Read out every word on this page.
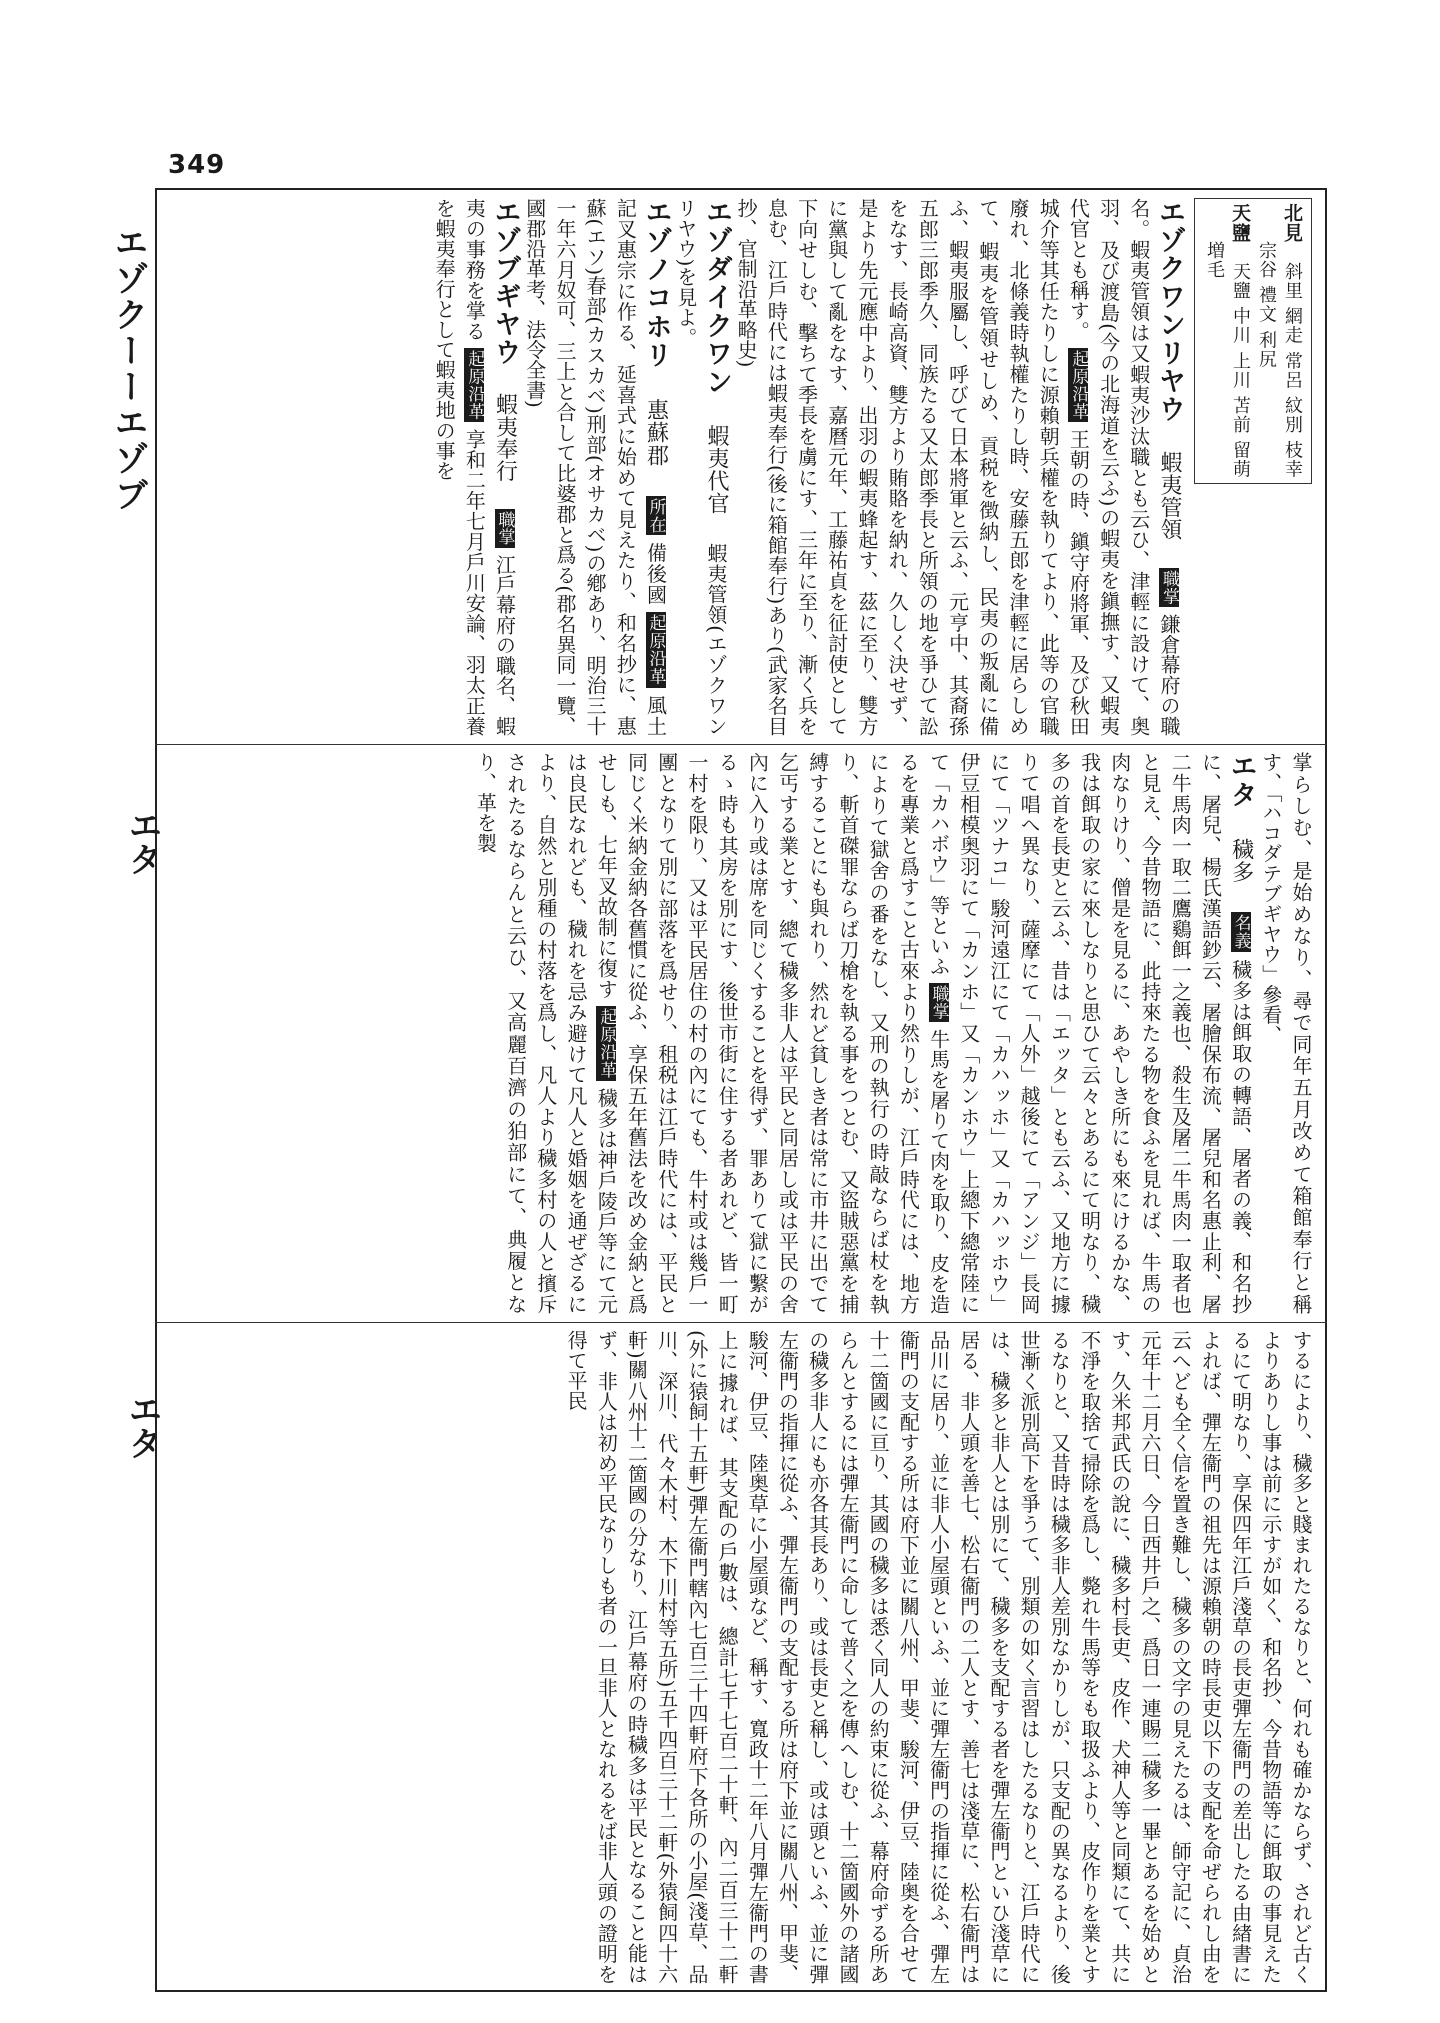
349
エゾクーーエゾブ
エタ
エタ
北見　斜里 網走 常呂 紋別 枝幸
　　宗谷 禮文 利尻
天鹽　天鹽 中川 上川 苫前 留萌
　　増毛

エゾクワンリヤウ  蝦夷管領  職掌 鎌倉幕府の職名。蝦夷管領は又蝦夷沙汰職とも云ひ、津輕に設けて、奥羽、及び渡島(今の北海道を云ふ)の蝦夷を鎭撫す、又蝦夷代官とも稱す。 起原沿革 王朝の時、鎭守府將軍、及び秋田城介等其任たりしに源賴朝兵權を執りてより、此等の官職廢れ、北條義時執權たりし時、安藤五郎を津輕に居らしめて、蝦夷を管領せしめ、貢税を徴納し、民夷の叛亂に備ふ、蝦夷服屬し、呼びて日本將軍と云ふ、元亨中、其裔孫五郎三郎季久、同族たる又太郎季長と所領の地を爭ひて訟をなす、長崎高資、雙方より賄賂を納れ、久しく決せず、是より先元應中より、出羽の蝦夷蜂起す、茲に至り、雙方に黨與して亂をなす、嘉曆元年、工藤祐貞を征討使として下向せしむ、擊ちて季長を虜にす、三年に至り、漸く兵を息む、江戶時代には蝦夷奉行(後に箱館奉行)あり(武家名目抄、官制沿革略史)

エゾダイクワン  蝦夷代官  蝦夷管領(エゾクワンリヤウ)を見よ。

エゾノコホリ  惠蘇郡  所在 備後國 起原沿革 風土記叉惠宗に作る、延喜式に始めて見えたり、和名抄に、惠蘇(エソ)春部(カスカベ)刑部(オサカベ)の鄕あり、明治三十一年六月奴可、三上と合して比婆郡と爲る(郡名異同一覽、國郡沿革考、法令全書)

エゾブギヤウ  蝦夷奉行  職掌 江戶幕府の職名、蝦夷の事務を掌る 起原沿革 享和二年七月戶川安論、羽太正養を蝦夷奉行として蝦夷地の事を

掌らしむ、是始めなり、尋で同年五月改めて箱館奉行と稱す、「ハコダテブギヤウ」參看、

エタ  穢多  名義 穢多は餌取の轉語、屠者の義、和名抄に、屠兒、楊氏漢語鈔云、屠膾保布流、屠兒和名惠止利、屠二牛馬肉一取二鷹鷄餌一之義也、殺生及屠二牛馬肉一取者也と見え、今昔物語に、此持來たる物を食ふを見れば、牛馬の肉なりけり、僧是を見るに、あやしき所にも來にけるかな、我は餌取の家に來しなりと思ひて云々とあるにて明なり、穢多の首を長吏と云ふ、昔は「エッタ」とも云ふ、又地方に據りて唱へ異なり、薩摩にて「人外」越後にて「アンジ」長岡にて「ツナコ」駿河遠江にて「カハッホ」又「カハッホウ」伊豆相模奥羽にて「カンホ」又「カンホウ」上總下總常陸にて「カハボウ」等といふ 職掌 牛馬を屠りて肉を取り、皮を造るを專業と爲すこと古來より然りしが、江戶時代には、地方によりて獄舍の番をなし、又刑の執行の時敲ならば杖を執り、斬首磔罪ならば刀槍を執る事をつとむ、又盜賊惡黨を捕縛することにも與れり、然れど貧しき者は常に市井に出でて乞丐する業とす、總て穢多非人は平民と同居し或は平民の舍內に入り或は席を同じくすることを得ず、罪ありて獄に繫がるゝ時も其房を別にす、後世市街に住する者あれど、皆一町一村を限り、又は平民居住の村の內にても、牛村或は幾戶一團となりて別に部落を爲せり、租税は江戶時代には、平民と同じく米納金納各舊慣に從ふ、享保五年舊法を改め金納と爲せしも、七年叉故制に復す 起原沿革 穢多は神戶陵戶等にて元は良民なれども、穢れを忌み避けて凡人と婚姻を通ぜざるにより、自然と別種の村落を爲し、凡人より穢多村の人と擯斥されたるならんと云ひ、又高麗百濟の狛部にて、典履となり、革を製

するにより、穢多と賤まれたるなりと、何れも確かならず、されど古くよりありし事は前に示すが如く、和名抄、今昔物語等に餌取の事見えたるにて明なり、享保四年江戶淺草の長吏彈左衞門の差出したる由緖書によれば、彈左衞門の祖先は源賴朝の時長吏以下の支配を命ぜられし由を云へども全く信を置き難し、穢多の文字の見えたるは、師守記に、貞治元年十二月六日、今日西井戶之、爲日一連賜二穢多一畢とあるを始めとす、久米邦武氏の說に、穢多村長吏、皮作、犬神人等と同類にて、共に不淨を取捨て掃除を爲し、斃れ牛馬等をも取扱ふより、皮作りを業とするなりと、又昔時は穢多非人差別なかりしが、只支配の異なるより、後世漸く派別高下を爭うて、別類の如く言習はしたるなりと、江戶時代には、穢多と非人とは別にて、穢多を支配する者を彈左衞門といひ淺草に居る、非人頭を善七、松右衞門の二人とす、善七は淺草に、松右衞門は品川に居り、並に非人小屋頭といふ、並に彈左衞門の指揮に從ふ、彈左衞門の支配する所は府下並に關八州、甲斐、駿河、伊豆、陸奥を合せて十二箇國に亘り、其國の穢多は悉く同人の約束に從ふ、幕府命ずる所あらんとするには彈左衞門に命して普く之を傳へしむ、十二箇國外の諸國の穢多非人にも亦各其長あり、或は長吏と稱し、或は頭といふ、並に彈左衞門の指揮に從ふ、彈左衞門の支配する所は府下並に關八州、甲斐、駿河、伊豆、陸奥草に小屋頭など、稱す、寬政十二年八月彈左衞門の書上に據れば、其支配の戶數は、總計七千七百二十軒、內二百三十二軒(外に猿飼十五軒)彈左衞門轄內七百三十四軒府下各所の小屋(淺草、品川、深川、代々木村、木下川村等五所)五千四百三十二軒(外猿飼四十六軒)關八州十二箇國の分なり、江戶幕府の時穢多は平民となること能はず、非人は初め平民なりしも者の一旦非人となれるをば非人頭の證明を得て平民
